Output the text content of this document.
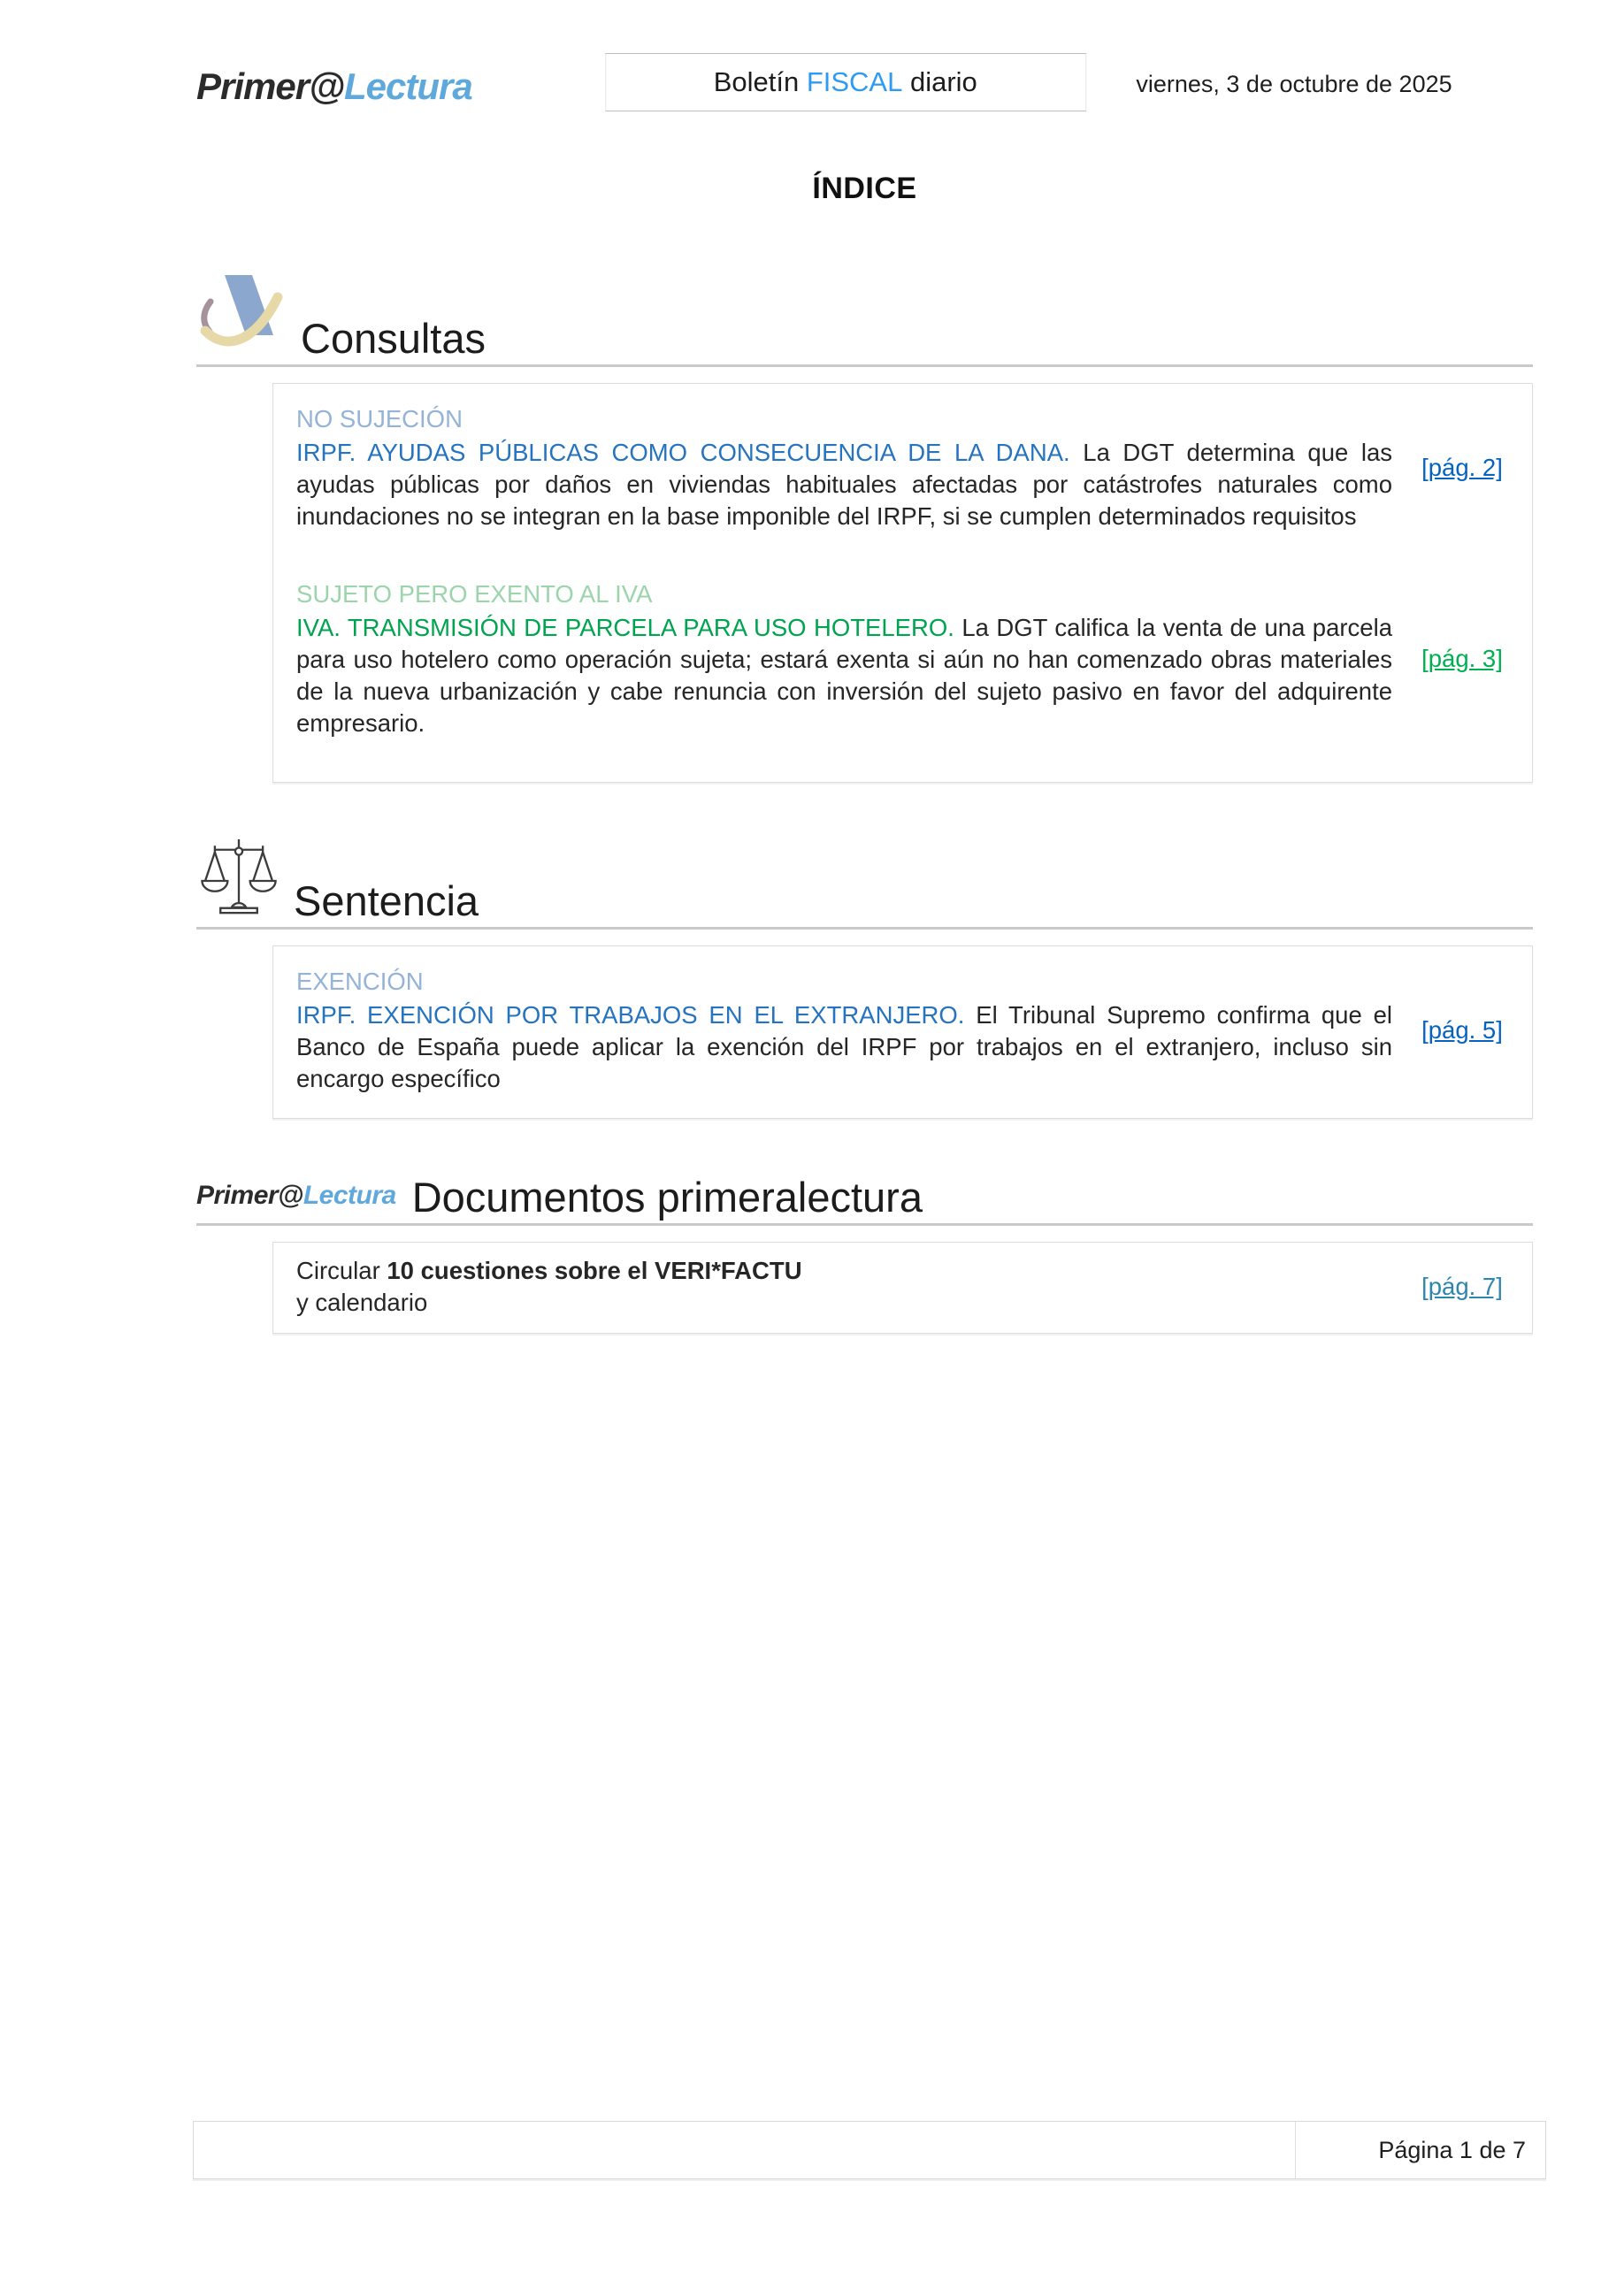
Primer@Lectura	Boletín FISCAL diario	viernes, 3 de octubre de 2025
ÍNDICE
Consultas
NO SUJECIÓN

IRPF. AYUDAS PÚBLICAS COMO CONSECUENCIA DE LA DANA. La DGT determina que las ayudas públicas por daños en viviendas habituales afectadas por catástrofes naturales como inundaciones no se integran en la base imponible del IRPF, si se cumplen determinados requisitos

[pág. 2]
SUJETO PERO EXENTO AL IVA

IVA. TRANSMISIÓN DE PARCELA PARA USO HOTELERO. La DGT califica la venta de una parcela para uso hotelero como operación sujeta; estará exenta si aún no han comenzado obras materiales de la nueva urbanización y cabe renuncia con inversión del sujeto pasivo en favor del adquirente empresario.

[pág. 3]
Sentencia
EXENCIÓN

IRPF. EXENCIÓN POR TRABAJOS EN EL EXTRANJERO. El Tribunal Supremo confirma que el Banco de España puede aplicar la exención del IRPF por trabajos en el extranjero, incluso sin encargo específico

[pág. 5]
Primer@Lectura Documentos primeralectura

Circular 10 cuestiones sobre el VERI*FACTU

y calendario
[pág. 7]
Página 1 de 7
